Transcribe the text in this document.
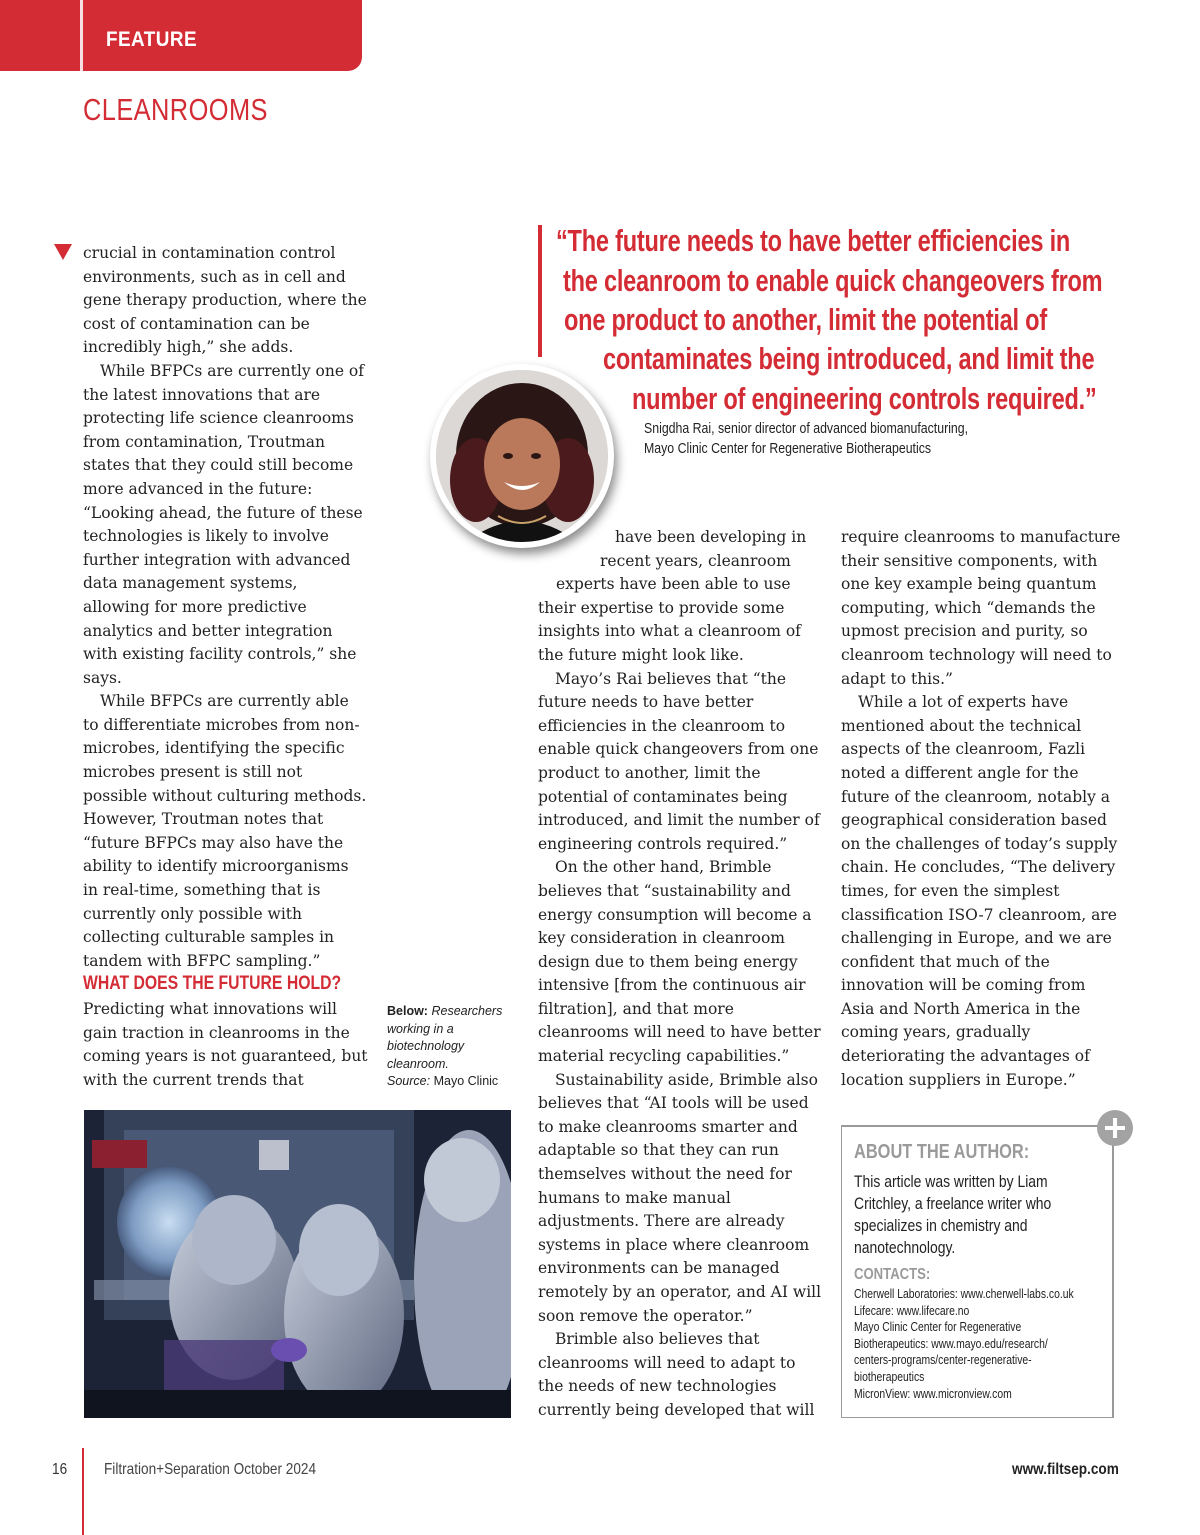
FEATURE
CLEANROOMS

crucial in contamination control environments, such as in cell and gene therapy production, where the cost of contamination can be incredibly high,” she adds.

While BFPCs are currently one of the latest innovations that are protecting life science cleanrooms from contamination, Troutman states that they could still become more advanced in the future: “Looking ahead, the future of these technologies is likely to involve further integration with advanced data management systems, allowing for more predictive analytics and better integration with existing facility controls,” she says.

While BFPCs are currently able to differentiate microbes from non-microbes, identifying the specific microbes present is still not possible without culturing methods. However, Troutman notes that “future BFPCs may also have the ability to identify microorganisms in real-time, something that is currently only possible with collecting culturable samples in tandem with BFPC sampling.”

WHAT DOES THE FUTURE HOLD?

Predicting what innovations will gain traction in cleanrooms in the coming years is not guaranteed, but with the current trends that

Below: Researchers working in a biotechnology cleanroom.
Source: Mayo Clinic
“The future needs to have better efficiencies in
the cleanroom to enable quick changeovers from
one product to another, limit the potential of
contaminates being introduced, and limit the
number of engineering controls required.”
Snigdha Rai, senior director of advanced biomanufacturing,
Mayo Clinic Center for Regenerative Biotherapeutics
have been developing in
recent years, cleanroom
experts have been able to use

their expertise to provide some insights into what a cleanroom of the future might look like.

Mayo’s Rai believes that “the future needs to have better efficiencies in the cleanroom to enable quick changeovers from one product to another, limit the potential of contaminates being introduced, and limit the number of engineering controls required.”

On the other hand, Brimble believes that “sustainability and energy consumption will become a key consideration in cleanroom design due to them being energy intensive [from the continuous air filtration], and that more cleanrooms will need to have better material recycling capabilities.”

Sustainability aside, Brimble also believes that “AI tools will be used to make cleanrooms smarter and adaptable so that they can run themselves without the need for humans to make manual adjustments. There are already systems in place where cleanroom environments can be managed remotely by an operator, and AI will soon remove the operator.”

Brimble also believes that cleanrooms will need to adapt to the needs of new technologies currently being developed that will

require cleanrooms to manufacture their sensitive components, with one key example being quantum computing, which “demands the upmost precision and purity, so cleanroom technology will need to adapt to this.”

While a lot of experts have mentioned about the technical aspects of the cleanroom, Fazli noted a different angle for the future of the cleanroom, notably a geographical consideration based on the challenges of today’s supply chain. He concludes, “The delivery times, for even the simplest classification ISO-7 cleanroom, are challenging in Europe, and we are confident that much of the innovation will be coming from Asia and North America in the coming years, gradually deteriorating the advantages of location suppliers in Europe.”

ABOUT THE AUTHOR:
This article was written by Liam Critchley, a freelance writer who specializes in chemistry and nanotechnology.
CONTACTS:
Cherwell Laboratories: www.cherwell-labs.co.uk
Lifecare: www.lifecare.no
Mayo Clinic Center for Regenerative
Biotherapeutics: www.mayo.edu/research/
centers-programs/center-regenerative-
biotherapeutics
MicronView: www.micronview.com
16 Filtration+Separation October 2024	www.filtsep.com
